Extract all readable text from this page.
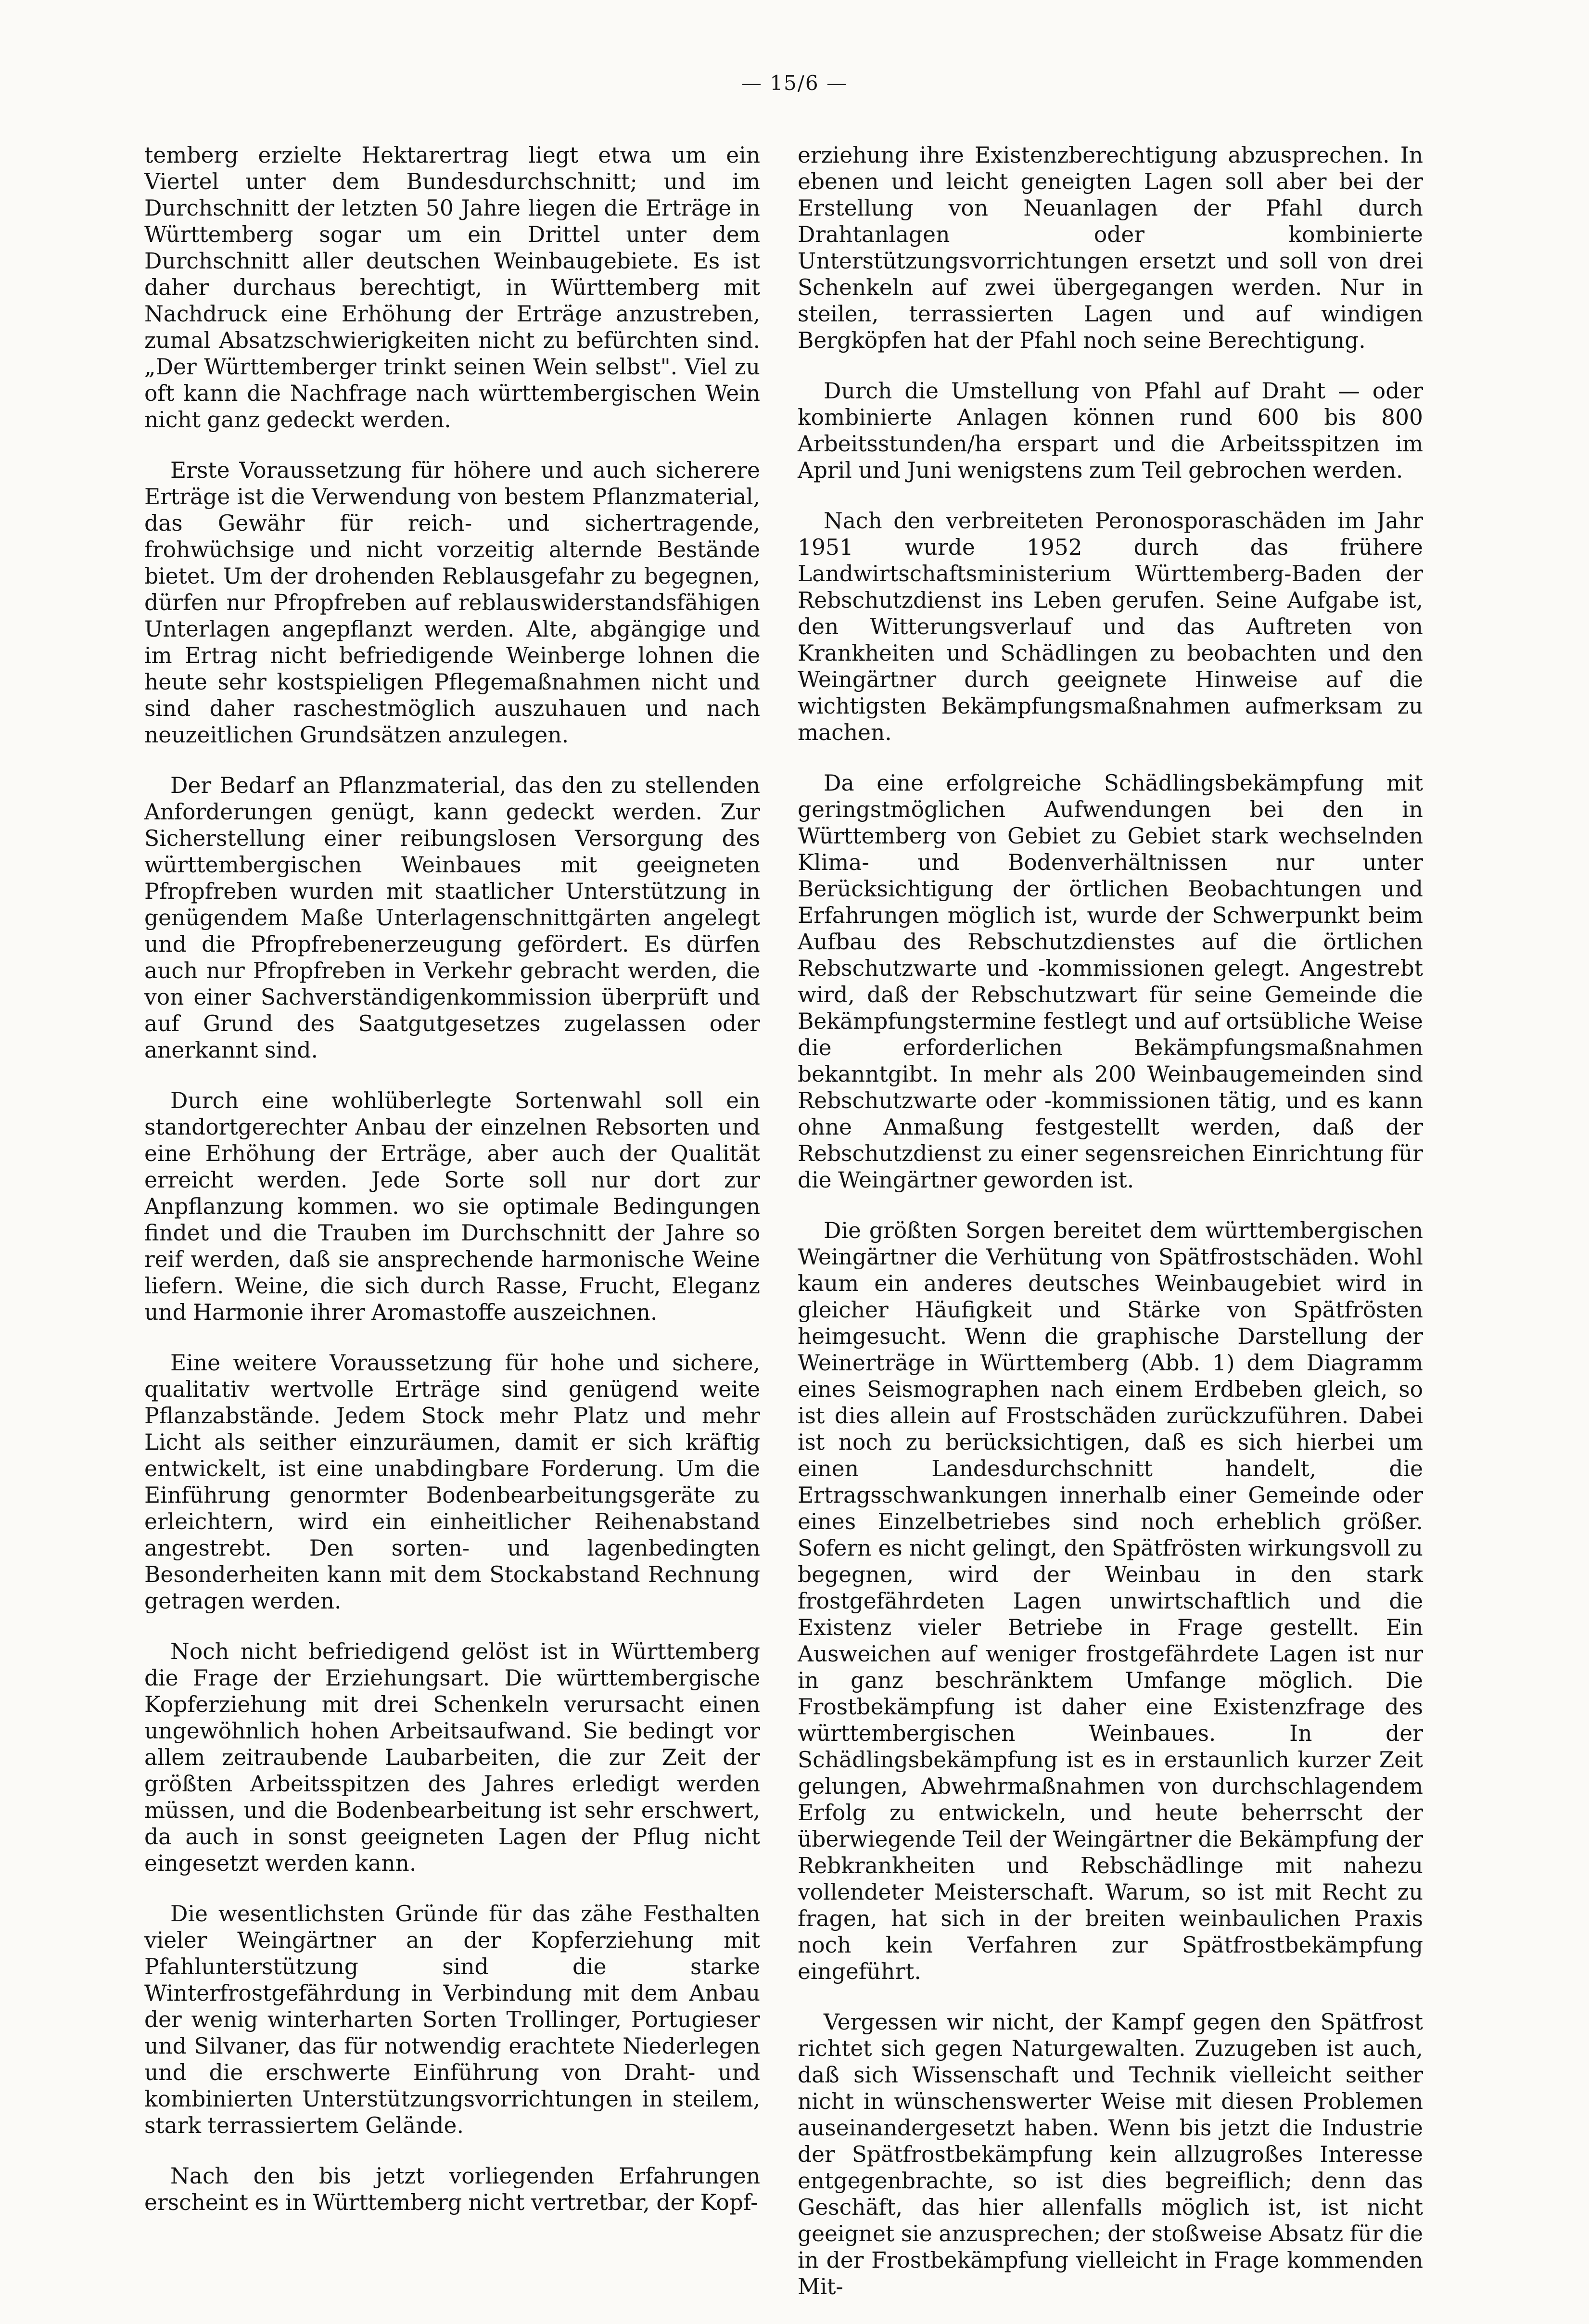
— 15/6 —

temberg erzielte Hektarertrag liegt etwa um ein Viertel unter dem Bundesdurchschnitt; und im Durchschnitt der letzten 50 Jahre liegen die Erträge in Württemberg sogar um ein Drittel unter dem Durchschnitt aller deutschen Weinbaugebiete. Es ist daher durchaus berechtigt, in Württemberg mit Nachdruck eine Erhöhung der Erträge anzustreben, zumal Absatzschwierigkeiten nicht zu befürchten sind. „Der Württemberger trinkt seinen Wein selbst". Viel zu oft kann die Nachfrage nach württembergischen Wein nicht ganz gedeckt werden.

Erste Voraussetzung für höhere und auch sicherere Erträge ist die Verwendung von bestem Pflanzmaterial, das Gewähr für reich- und sichertragende, frohwüchsige und nicht vorzeitig alternde Bestände bietet. Um der drohenden Reblausgefahr zu begegnen, dürfen nur Pfropfreben auf reblauswiderstandsfähigen Unterlagen angepflanzt werden. Alte, abgängige und im Ertrag nicht befriedigende Weinberge lohnen die heute sehr kostspieligen Pflegemaßnahmen nicht und sind daher raschestmöglich auszuhauen und nach neuzeitlichen Grundsätzen anzulegen.

Der Bedarf an Pflanzmaterial, das den zu stellenden Anforderungen genügt, kann gedeckt werden. Zur Sicherstellung einer reibungslosen Versorgung des württembergischen Weinbaues mit geeigneten Pfropfreben wurden mit staatlicher Unterstützung in genügendem Maße Unterlagenschnittgärten angelegt und die Pfropfrebenerzeugung gefördert. Es dürfen auch nur Pfropfreben in Verkehr gebracht werden, die von einer Sachverständigenkommission überprüft und auf Grund des Saatgutgesetzes zugelassen oder anerkannt sind.

Durch eine wohlüberlegte Sortenwahl soll ein standortgerechter Anbau der einzelnen Rebsorten und eine Erhöhung der Erträge, aber auch der Qualität erreicht werden. Jede Sorte soll nur dort zur Anpflanzung kommen. wo sie optimale Bedingungen findet und die Trauben im Durchschnitt der Jahre so reif werden, daß sie ansprechende harmonische Weine liefern. Weine, die sich durch Rasse, Frucht, Eleganz und Harmonie ihrer Aromastoffe auszeichnen.

Eine weitere Voraussetzung für hohe und sichere, qualitativ wertvolle Erträge sind genügend weite Pflanzabstände. Jedem Stock mehr Platz und mehr Licht als seither einzuräumen, damit er sich kräftig entwickelt, ist eine unabdingbare Forderung. Um die Einführung genormter Bodenbearbeitungsgeräte zu erleichtern, wird ein einheitlicher Reihenabstand angestrebt. Den sorten- und lagenbedingten Besonderheiten kann mit dem Stockabstand Rechnung getragen werden.

Noch nicht befriedigend gelöst ist in Württemberg die Frage der Erziehungsart. Die württembergische Kopferziehung mit drei Schenkeln verursacht einen ungewöhnlich hohen Arbeitsaufwand. Sie bedingt vor allem zeitraubende Laubarbeiten, die zur Zeit der größten Arbeitsspitzen des Jahres erledigt werden müssen, und die Bodenbearbeitung ist sehr erschwert, da auch in sonst geeigneten Lagen der Pflug nicht eingesetzt werden kann.

Die wesentlichsten Gründe für das zähe Festhalten vieler Weingärtner an der Kopferziehung mit Pfahlunterstützung sind die starke Winterfrostgefährdung in Verbindung mit dem Anbau der wenig winterharten Sorten Trollinger, Portugieser und Silvaner, das für notwendig erachtete Niederlegen und die erschwerte Einführung von Draht- und kombinierten Unterstützungsvorrichtungen in steilem, stark terrassiertem Gelände.

Nach den bis jetzt vorliegenden Erfahrungen erscheint es in Württemberg nicht vertretbar, der Kopf-

erziehung ihre Existenzberechtigung abzusprechen. In ebenen und leicht geneigten Lagen soll aber bei der Erstellung von Neuanlagen der Pfahl durch Drahtanlagen oder kombinierte Unterstützungsvorrichtungen ersetzt und soll von drei Schenkeln auf zwei übergegangen werden. Nur in steilen, terrassierten Lagen und auf windigen Bergköpfen hat der Pfahl noch seine Berechtigung.

Durch die Umstellung von Pfahl auf Draht — oder kombinierte Anlagen können rund 600 bis 800 Arbeitsstunden/ha erspart und die Arbeitsspitzen im April und Juni wenigstens zum Teil gebrochen werden.

Nach den verbreiteten Peronosporaschäden im Jahr 1951 wurde 1952 durch das frühere Landwirtschaftsministerium Württemberg-Baden der Rebschutzdienst ins Leben gerufen. Seine Aufgabe ist, den Witterungsverlauf und das Auftreten von Krankheiten und Schädlingen zu beobachten und den Weingärtner durch geeignete Hinweise auf die wichtigsten Bekämpfungsmaßnahmen aufmerksam zu machen.

Da eine erfolgreiche Schädlingsbekämpfung mit geringstmöglichen Aufwendungen bei den in Württemberg von Gebiet zu Gebiet stark wechselnden Klima- und Bodenverhältnissen nur unter Berücksichtigung der örtlichen Beobachtungen und Erfahrungen möglich ist, wurde der Schwerpunkt beim Aufbau des Rebschutzdienstes auf die örtlichen Rebschutzwarte und -kommissionen gelegt. Angestrebt wird, daß der Rebschutzwart für seine Gemeinde die Bekämpfungstermine festlegt und auf ortsübliche Weise die erforderlichen Bekämpfungsmaßnahmen bekanntgibt. In mehr als 200 Weinbaugemeinden sind Rebschutzwarte oder -kommissionen tätig, und es kann ohne Anmaßung festgestellt werden, daß der Rebschutzdienst zu einer segensreichen Einrichtung für die Weingärtner geworden ist.

Die größten Sorgen bereitet dem württembergischen Weingärtner die Verhütung von Spätfrostschäden. Wohl kaum ein anderes deutsches Weinbaugebiet wird in gleicher Häufigkeit und Stärke von Spätfrösten heimgesucht. Wenn die graphische Darstellung der Weinerträge in Württemberg (Abb. 1) dem Diagramm eines Seismographen nach einem Erdbeben gleich, so ist dies allein auf Frostschäden zurückzuführen. Dabei ist noch zu berücksichtigen, daß es sich hierbei um einen Landesdurchschnitt handelt, die Ertragsschwankungen innerhalb einer Gemeinde oder eines Einzelbetriebes sind noch erheblich größer. Sofern es nicht gelingt, den Spätfrösten wirkungsvoll zu begegnen, wird der Weinbau in den stark frostgefährdeten Lagen unwirtschaftlich und die Existenz vieler Betriebe in Frage gestellt. Ein Ausweichen auf weniger frostgefährdete Lagen ist nur in ganz beschränktem Umfange möglich. Die Frostbekämpfung ist daher eine Existenzfrage des württembergischen Weinbaues. In der Schädlingsbekämpfung ist es in erstaunlich kurzer Zeit gelungen, Abwehrmaßnahmen von durchschlagendem Erfolg zu entwickeln, und heute beherrscht der überwiegende Teil der Weingärtner die Bekämpfung der Rebkrankheiten und Rebschädlinge mit nahezu vollendeter Meisterschaft. Warum, so ist mit Recht zu fragen, hat sich in der breiten weinbaulichen Praxis noch kein Verfahren zur Spätfrostbekämpfung eingeführt.

Vergessen wir nicht, der Kampf gegen den Spätfrost richtet sich gegen Naturgewalten. Zuzugeben ist auch, daß sich Wissenschaft und Technik vielleicht seither nicht in wünschenswerter Weise mit diesen Problemen auseinandergesetzt haben. Wenn bis jetzt die Industrie der Spätfrostbekämpfung kein allzugroßes Interesse entgegenbrachte, so ist dies begreiflich; denn das Geschäft, das hier allenfalls möglich ist, ist nicht geeignet sie anzusprechen; der stoßweise Absatz für die in der Frostbekämpfung vielleicht in Frage kommenden Mit-
